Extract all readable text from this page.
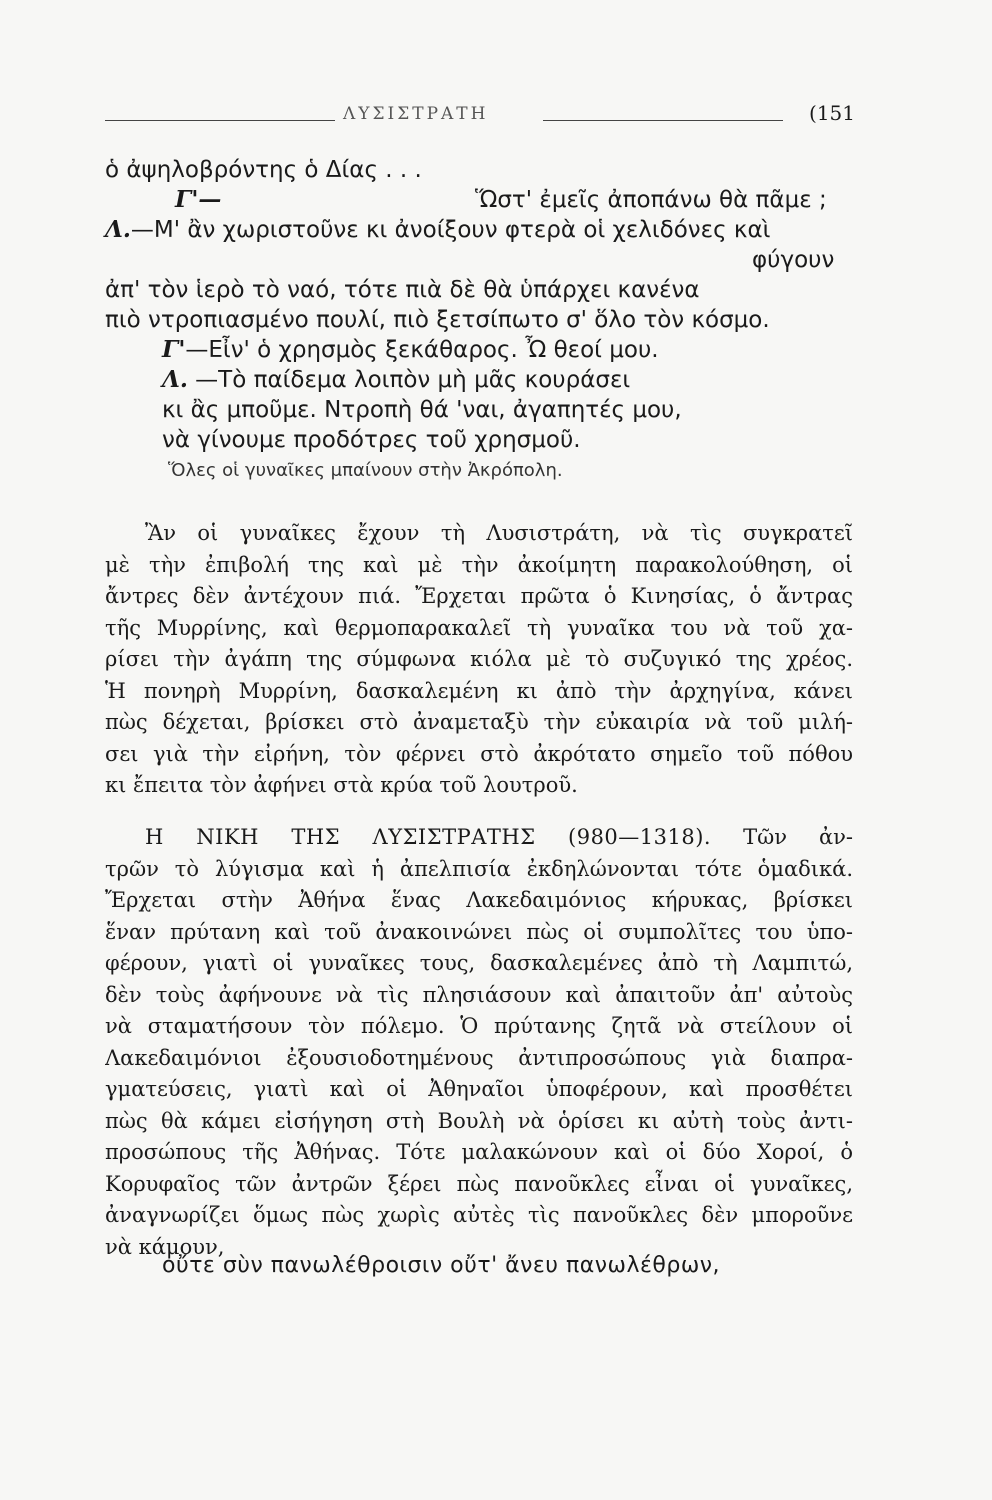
ΛΥΣΙΣΤΡΑΤΗ	(151
ὁ ἀψηλοβρόντης ὁ Δίας . . .
Γ'—	Ὥστ' ἐμεῖς ἀποπάνω θὰ πᾶμε ;
Λ.—Μ' ἂν χωριστοῦνε κι ἀνοίξουν φτερὰ οἱ χελιδόνες καὶ
φύγουν
ἀπ' τὸν ἱερὸ τὸ ναό, τότε πιὰ δὲ θὰ ὑπάρχει κανένα
πιὸ ντροπιασμένο πουλί, πιὸ ξετσίπωτο σ' ὅλο τὸν κόσμο.
Γ'—Εἶν' ὁ χρησμὸς ξεκάθαρος. Ὦ θεοί μου.
Λ. —Τὸ παίδεμα λοιπὸν μὴ μᾶς κουράσει
κι ἂς μποῦμε. Ντροπὴ θά 'ναι, ἀγαπητές μου,
νὰ γίνουμε προδότρες τοῦ χρησμοῦ.
Ὅλες οἱ γυναῖκες μπαίνουν στὴν Ἀκρόπολη.
Ἂν οἱ γυναῖκες ἔχουν τὴ Λυσιστράτη, νὰ τὶς συγκρατεῖ
μὲ τὴν ἐπιβολή της καὶ μὲ τὴν ἀκοίμητη παρακολούθηση, οἱ
ἄντρες δὲν ἀντέχουν πιά. Ἔρχεται πρῶτα ὁ Κινησίας, ὁ ἄντρας
τῆς Μυρρίνης, καὶ θερμοπαρακαλεῖ τὴ γυναῖκα του νὰ τοῦ χα-
ρίσει τὴν ἀγάπη της σύμφωνα κιόλα μὲ τὸ συζυγικό της χρέος.
Ἡ πονηρὴ Μυρρίνη, δασκαλεμένη κι ἀπὸ τὴν ἀρχηγίνα, κάνει
πὼς δέχεται, βρίσκει στὸ ἀναμεταξὺ τὴν εὐκαιρία νὰ τοῦ μιλή-
σει γιὰ τὴν εἰρήνη, τὸν φέρνει στὸ ἀκρότατο σημεῖο τοῦ πόθου
κι ἔπειτα τὸν ἀφήνει στὰ κρύα τοῦ λουτροῦ.
Η ΝΙΚΗ ΤΗΣ ΛΥΣΙΣΤΡΑΤΗΣ (980—1318). Τῶν ἀν-
τρῶν τὸ λύγισμα καὶ ἡ ἀπελπισία ἐκδηλώνονται τότε ὁμαδικά.
Ἔρχεται στὴν Ἀθήνα ἕνας Λακεδαιμόνιος κήρυκας, βρίσκει
ἕναν πρύτανη καὶ τοῦ ἀνακοινώνει πὼς οἱ συμπολῖτες του ὑπο-
φέρουν, γιατὶ οἱ γυναῖκες τους, δασκαλεμένες ἀπὸ τὴ Λαμπιτώ,
δὲν τοὺς ἀφήνουνε νὰ τὶς πλησιάσουν καὶ ἀπαιτοῦν ἀπ' αὐτοὺς
νὰ σταματήσουν τὸν πόλεμο. Ὁ πρύτανης ζητᾶ νὰ στείλουν οἱ
Λακεδαιμόνιοι ἐξουσιοδοτημένους ἀντιπροσώπους γιὰ διαπρα-
γματεύσεις, γιατὶ καὶ οἱ Ἀθηναῖοι ὑποφέρουν, καὶ προσθέτει
πὼς θὰ κάμει εἰσήγηση στὴ Βουλὴ νὰ ὁρίσει κι αὐτὴ τοὺς ἀντι-
προσώπους τῆς Ἀθήνας. Τότε μαλακώνουν καὶ οἱ δύο Χοροί, ὁ
Κορυφαῖος τῶν ἀντρῶν ξέρει πὼς πανοῦκλες εἶναι οἱ γυναῖκες,
ἀναγνωρίζει ὅμως πὼς χωρὶς αὐτὲς τὶς πανοῦκλες δὲν μποροῦνε
νὰ κάμουν,
οὔτε σὺν πανωλέθροισιν οὔτ' ἄνευ πανωλέθρων,
